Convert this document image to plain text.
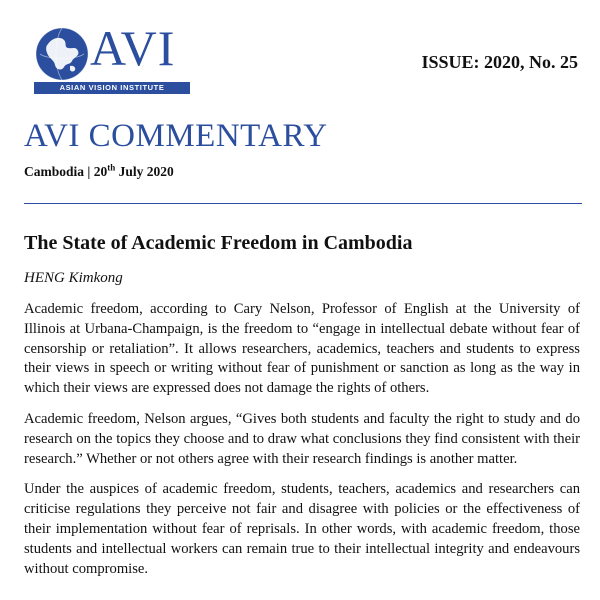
AVI
ASIAN VISION INSTITUTE
ISSUE: 2020, No. 25
AVI COMMENTARY
Cambodia | 20th July 2020
The State of Academic Freedom in Cambodia
HENG Kimkong

Academic freedom, according to Cary Nelson, Professor of English at the University of Illinois at Urbana-Champaign, is the freedom to “engage in intellectual debate without fear of censorship or retaliation”. It allows researchers, academics, teachers and students to express their views in speech or writing without fear of punishment or sanction as long as the way in which their views are expressed does not damage the rights of others.

Academic freedom, Nelson argues, “Gives both students and faculty the right to study and do research on the topics they choose and to draw what conclusions they find consistent with their research.” Whether or not others agree with their research findings is another matter.

Under the auspices of academic freedom, students, teachers, academics and researchers can criticise regulations they perceive not fair and disagree with policies or the effectiveness of their implementation without fear of reprisals. In other words, with academic freedom, those students and intellectual workers can remain true to their intellectual integrity and endeavours without compromise.
